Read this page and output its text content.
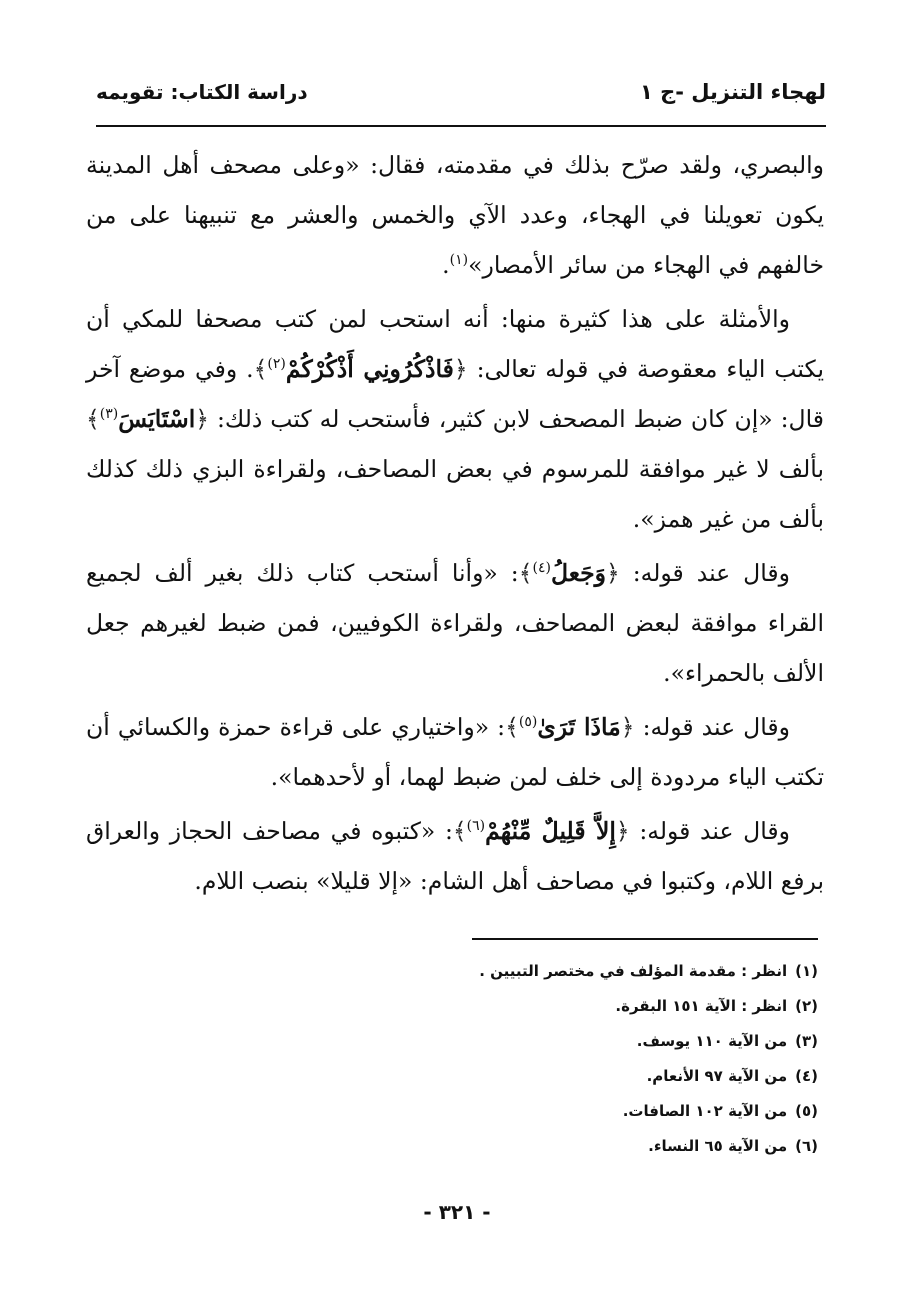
لهجاء التنزيل -ج ١
دراسة الكتاب: تقويمه

والبصري، ولقد صرّح بذلك في مقدمته، فقال: «وعلى مصحف أهل المدينة يكون تعويلنا في الهجاء، وعدد الآي والخمس والعشر مع تنبيهنا على من خالفهم في الهجاء من سائر الأمصار»$^{(١)}$.

والأمثلة على هذا كثيرة منها: أنه استحب لمن كتب مصحفا للمكي أن يكتب الياء معقوصة في قوله تعالى: ﴿فَاذْكُرُونِي أَذْكُرْكُمْ$^{(٢)}$﴾. وفي موضع آخر قال: «إن كان ضبط المصحف لابن كثير، فأستحب له كتب ذلك: ﴿اسْتَايَسَ$^{(٣)}$﴾ بألف لا غير موافقة للمرسوم في بعض المصاحف، ولقراءة البزي ذلك كذلك بألف من غير همز».

وقال عند قوله: ﴿وَجَعلُ$^{(٤)}$﴾: «وأنا أستحب كتاب ذلك بغير ألف لجميع القراء موافقة لبعض المصاحف، ولقراءة الكوفيين، فمن ضبط لغيرهم جعل الألف بالحمراء».

وقال عند قوله: ﴿مَاذَا تَرَىٰ$^{(٥)}$﴾: «واختياري على قراءة حمزة والكسائي أن تكتب الياء مردودة إلى خلف لمن ضبط لهما، أو لأحدهما».

وقال عند قوله: ﴿إِلاَّ قَلِيلٌ مِّنْهُمْ$^{(٦)}$﴾: «كتبوه في مصاحف الحجاز والعراق برفع اللام، وكتبوا في مصاحف أهل الشام: «إلا قليلا» بنصب اللام.

(١)انظر : مقدمة المؤلف في مختصر التبيين .
(٢)انظر : الآية ١٥١ البقرة.
(٣)من الآية ١١٠ يوسف.
(٤)من الآية ٩٧ الأنعام.
(٥)من الآية ١٠٢ الصافات.
(٦)من الآية ٦٥ النساء.
- ٣٢١ -
